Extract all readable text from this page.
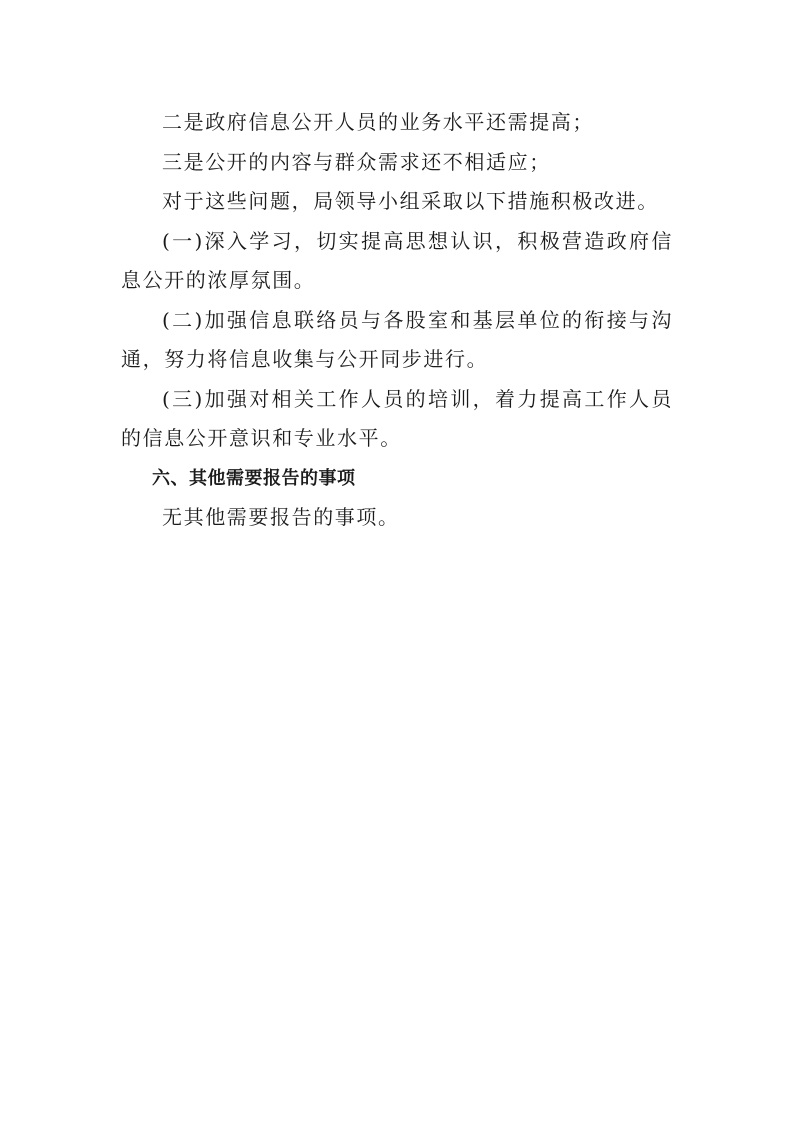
二是政府信息公开人员的业务水平还需提高；

三是公开的内容与群众需求还不相适应；

对于这些问题，局领导小组采取以下措施积极改进。

(一)深入学习，切实提高思想认识，积极营造政府信息公开的浓厚氛围。

(二)加强信息联络员与各股室和基层单位的衔接与沟通，努力将信息收集与公开同步进行。

(三)加强对相关工作人员的培训，着力提高工作人员的信息公开意识和专业水平。

六、其他需要报告的事项

无其他需要报告的事项。
